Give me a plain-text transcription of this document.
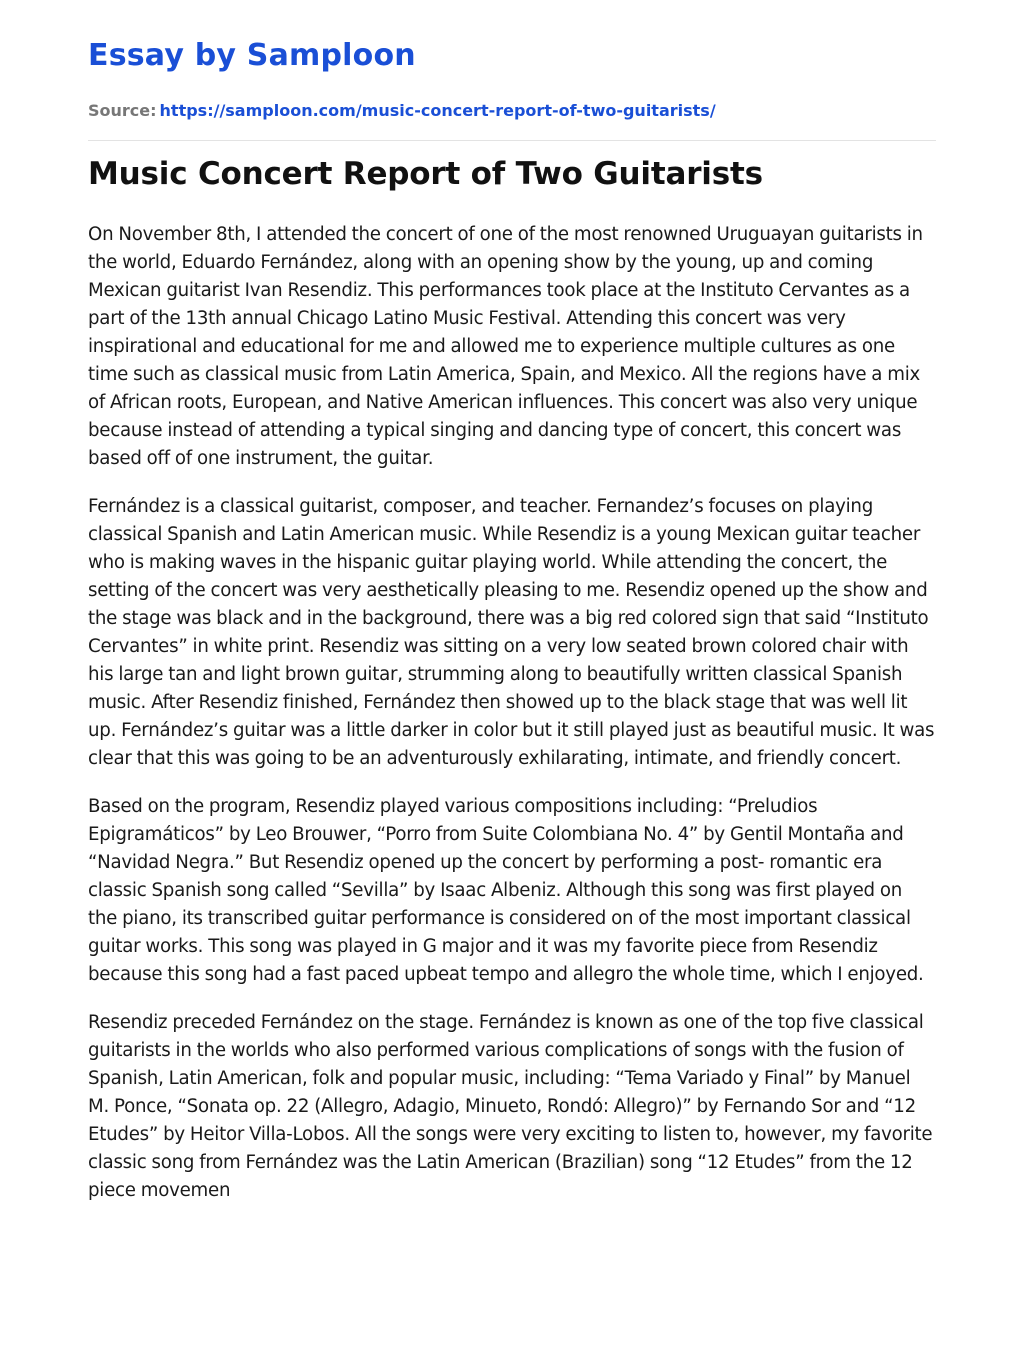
Essay by Samploon
Source: https://samploon.com/music-concert-report-of-two-guitarists/
Music Concert Report of Two Guitarists

On November 8th, I attended the concert of one of the most renowned Uruguayan guitarists in the world, Eduardo Fernández, along with an opening show by the young, up and coming Mexican guitarist Ivan Resendiz. This performances took place at the Instituto Cervantes as a part of the 13th annual Chicago Latino Music Festival. Attending this concert was very inspirational and educational for me and allowed me to experience multiple cultures as one time such as classical music from Latin America, Spain, and Mexico. All the regions have a mix of African roots, European, and Native American influences. This concert was also very unique because instead of attending a typical singing and dancing type of concert, this concert was based off of one instrument, the guitar.

Fernández is a classical guitarist, composer, and teacher. Fernandez’s focuses on playing classical Spanish and Latin American music. While Resendiz is a young Mexican guitar teacher who is making waves in the hispanic guitar playing world. While attending the concert, the setting of the concert was very aesthetically pleasing to me. Resendiz opened up the show and the stage was black and in the background, there was a big red colored sign that said “Instituto Cervantes” in white print. Resendiz was sitting on a very low seated brown colored chair with his large tan and light brown guitar, strumming along to beautifully written classical Spanish music. After Resendiz finished, Fernández then showed up to the black stage that was well lit up. Fernández’s guitar was a little darker in color but it still played just as beautiful music. It was clear that this was going to be an adventurously exhilarating, intimate, and friendly concert.

Based on the program, Resendiz played various compositions including: “Preludios Epigramáticos” by Leo Brouwer, “Porro from Suite Colombiana No. 4” by Gentil Montaña and “Navidad Negra.” But Resendiz opened up the concert by performing a post- romantic era classic Spanish song called “Sevilla” by Isaac Albeniz. Although this song was first played on the piano, its transcribed guitar performance is considered on of the most important classical guitar works. This song was played in G major and it was my favorite piece from Resendiz because this song had a fast paced upbeat tempo and allegro the whole time, which I enjoyed.

Resendiz preceded Fernández on the stage. Fernández is known as one of the top five classical guitarists in the worlds who also performed various complications of songs with the fusion of Spanish, Latin American, folk and popular music, including: “Tema Variado y Final” by Manuel M. Ponce, “Sonata op. 22 (Allegro, Adagio, Minueto, Rondó: Allegro)” by Fernando Sor and “12 Etudes” by Heitor Villa-Lobos. All the songs were very exciting to listen to, however, my favorite classic song from Fernández was the Latin American (Brazilian) song “12 Etudes” from the 12 piece movemen
